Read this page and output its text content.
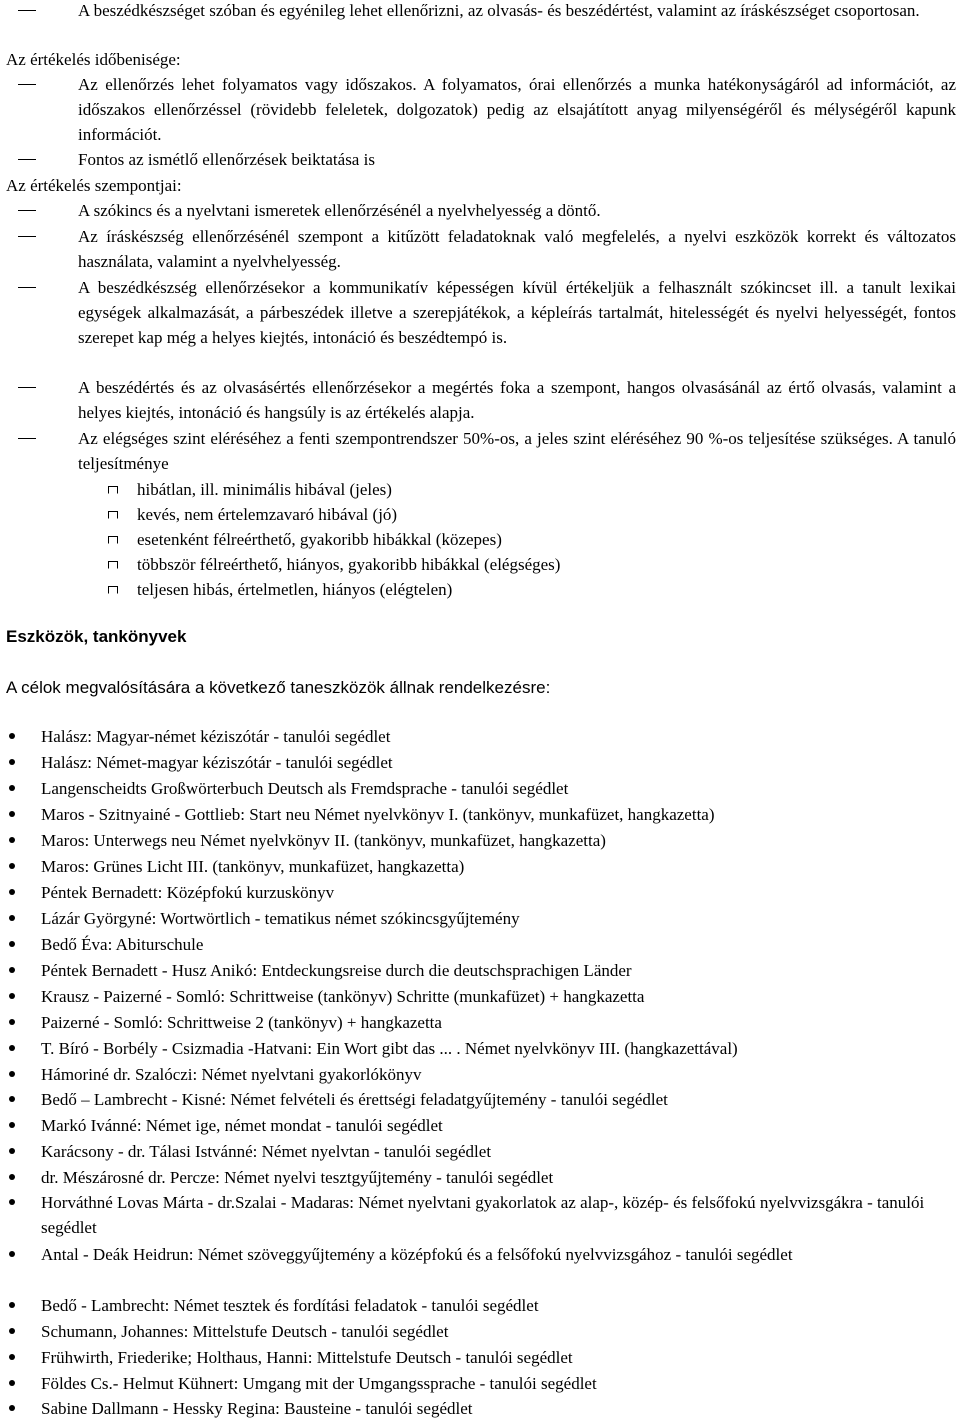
A beszédkészséget szóban és egyénileg lehet ellenőrizni, az olvasás- és beszédértést, valamint az íráskészséget csoportosan.
Az értékelés időbenisége:
Az ellenőrzés lehet folyamatos vagy időszakos. A folyamatos, órai ellenőrzés a munka hatékonyságáról ad információt, az időszakos ellenőrzéssel (rövidebb feleletek, dolgozatok) pedig az elsajátított anyag milyenségéről és mélységéről kapunk információt.
Fontos az ismétlő ellenőrzések beiktatása is
Az értékelés szempontjai:
A szókincs és a nyelvtani ismeretek ellenőrzésénél a nyelvhelyesség a döntő.
Az íráskészség ellenőrzésénél szempont a kitűzött feladatoknak való megfelelés, a nyelvi eszközök korrekt és változatos használata, valamint a nyelvhelyesség.
A beszédkészség ellenőrzésekor a kommunikatív képességen kívül értékeljük a felhasznált szókincset ill. a tanult lexikai egységek alkalmazását, a párbeszédek illetve a szerepjátékok, a képleírás tartalmát, hitelességét és nyelvi helyességét, fontos szerepet kap még a helyes kiejtés, intonáció és beszédtempó is.
A beszédértés és az olvasásértés ellenőrzésekor a megértés foka a szempont, hangos olvasásánál az értő olvasás, valamint a helyes kiejtés, intonáció és hangsúly is az értékelés alapja.
Az elégséges szint eléréséhez a fenti szempontrendszer 50%-os, a jeles szint eléréséhez 90 %-os teljesítése szükséges. A tanuló teljesítménye
hibátlan, ill. minimális hibával (jeles)
kevés, nem értelemzavaró hibával (jó)
esetenként félreérthető, gyakoribb hibákkal (közepes)
többször félreérthető, hiányos, gyakoribb hibákkal (elégséges)
teljesen hibás, értelmetlen, hiányos (elégtelen)
Eszközök, tankönyvek
A célok megvalósítására a következő taneszközök állnak rendelkezésre:
Halász: Magyar-német kéziszótár - tanulói segédlet
Halász: Német-magyar kéziszótár - tanulói segédlet
Langenscheidts Großwörterbuch Deutsch als Fremdsprache - tanulói segédlet
Maros - Szitnyainé - Gottlieb: Start neu Német nyelvkönyv I. (tankönyv, munkafüzet, hangkazetta)
Maros: Unterwegs neu Német nyelvkönyv II. (tankönyv, munkafüzet, hangkazetta)
Maros: Grünes Licht III. (tankönyv, munkafüzet, hangkazetta)
Péntek Bernadett: Középfokú kurzuskönyv
Lázár Györgyné: Wortwörtlich - tematikus német szókincsgyűjtemény
Bedő Éva: Abiturschule
Péntek Bernadett - Husz Anikó: Entdeckungsreise durch die deutschsprachigen Länder
Krausz - Paizerné - Somló: Schrittweise (tankönyv) Schritte (munkafüzet) + hangkazetta
Paizerné - Somló: Schrittweise 2 (tankönyv) + hangkazetta
T. Bíró - Borbély - Csizmadia -Hatvani: Ein Wort gibt das ... . Német nyelvkönyv III. (hangkazettával)
Hámoriné dr. Szalóczi: Német nyelvtani gyakorlókönyv
Bedő – Lambrecht - Kisné: Német felvételi és érettségi feladatgyűjtemény - tanulói segédlet
Markó Ivánné: Német ige, német mondat - tanulói segédlet
Karácsony - dr. Tálasi Istvánné: Német nyelvtan - tanulói segédlet
dr. Mészárosné dr. Percze: Német nyelvi tesztgyűjtemény - tanulói segédlet
Horváthné Lovas Márta - dr.Szalai - Madaras: Német nyelvtani gyakorlatok az alap-, közép- és felsőfokú nyelvvizsgákra - tanulói segédlet
Antal - Deák Heidrun: Német szöveggyűjtemény a középfokú és a felsőfokú nyelvvizsgához - tanulói segédlet
Bedő - Lambrecht: Német tesztek és fordítási feladatok - tanulói segédlet
Schumann, Johannes: Mittelstufe Deutsch - tanulói segédlet
Frühwirth, Friederike; Holthaus, Hanni: Mittelstufe Deutsch - tanulói segédlet
Földes Cs.- Helmut Kühnert: Umgang mit der Umgangssprache - tanulói segédlet
Sabine Dallmann - Hessky Regina: Bausteine - tanulói segédlet
